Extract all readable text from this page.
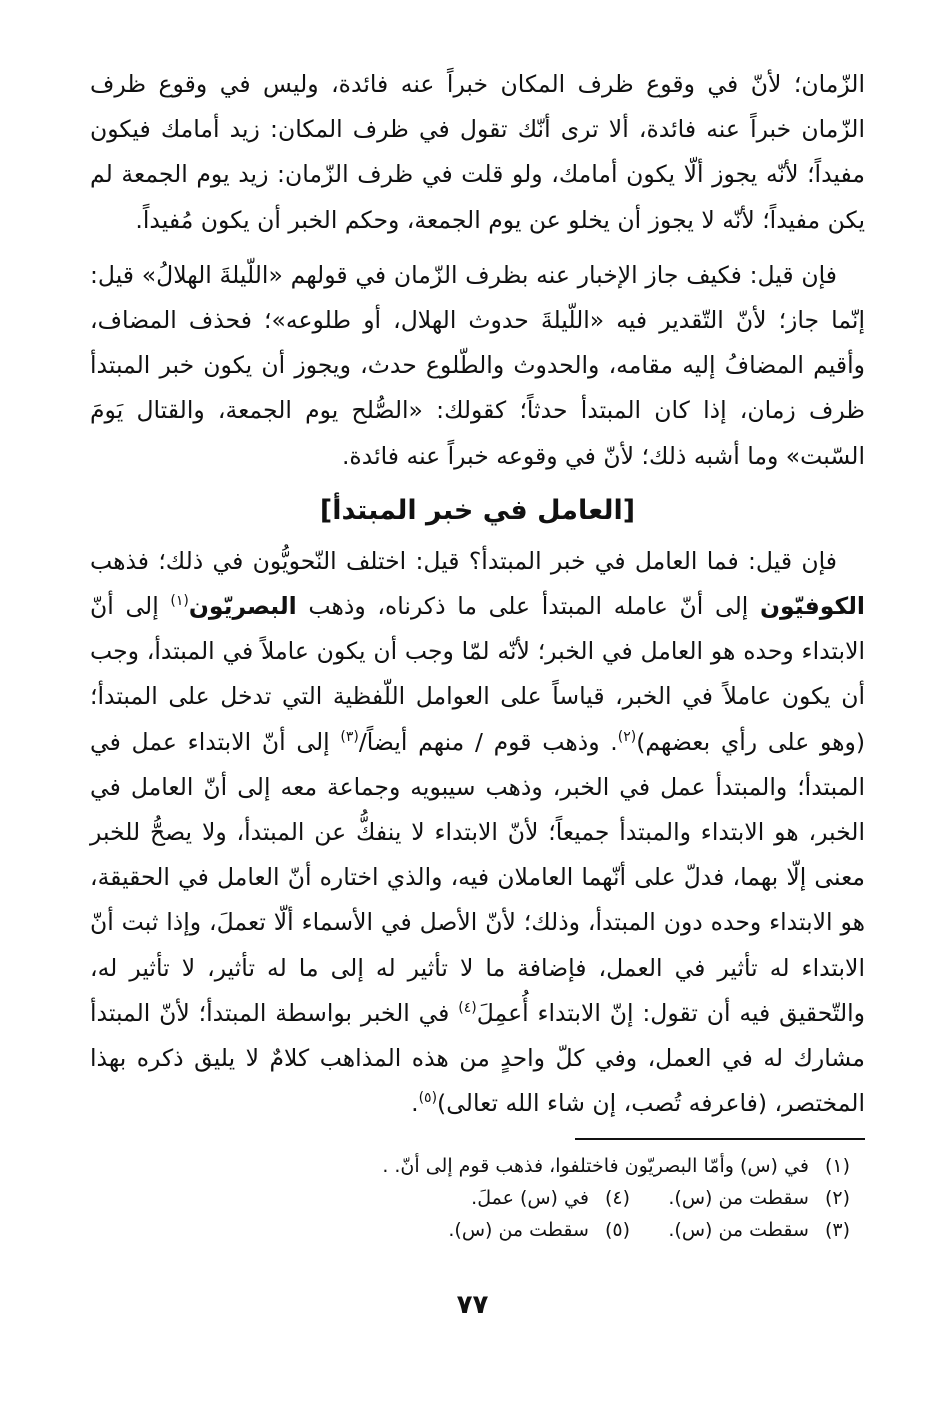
الزّمان؛ لأنّ في وقوع ظرف المكان خبراً عنه فائدة، وليس في وقوع ظرف الزّمان خبراً عنه فائدة، ألا ترى أنّك تقول في ظرف المكان: زيد أمامك فيكون مفيداً؛ لأنّه يجوز ألّا يكون أمامك، ولو قلت في ظرف الزّمان: زيد يوم الجمعة لم يكن مفيداً؛ لأنّه لا يجوز أن يخلو عن يوم الجمعة، وحكم الخبر أن يكون مُفيداً.

فإن قيل: فكيف جاز الإخبار عنه بظرف الزّمان في قولهم «اللّيلةَ الهلالُ» قيل: إنّما جاز؛ لأنّ التّقدير فيه «اللّيلةَ حدوث الهلال، أو طلوعه»؛ فحذف المضاف، وأقيم المضافُ إليه مقامه، والحدوث والطّلوع حدث، ويجوز أن يكون خبر المبتدأ ظرف زمان، إذا كان المبتدأ حدثاً؛ كقولك: «الصُّلح يوم الجمعة، والقتال يَومَ السّبت» وما أشبه ذلك؛ لأنّ في وقوعه خبراً عنه فائدة.

[العامل في خبر المبتدأ]

فإن قيل: فما العامل في خبر المبتدأ؟ قيل: اختلف النّحويُّون في ذلك؛ فذهب الكوفيّون إلى أنّ عامله المبتدأ على ما ذكرناه، وذهب البصريّون$^{(١)}$ إلى أنّ الابتداء وحده هو العامل في الخبر؛ لأنّه لمّا وجب أن يكون عاملاً في المبتدأ، وجب أن يكون عاملاً في الخبر، قياساً على العوامل اللّفظية التي تدخل على المبتدأ؛ (وهو على رأي بعضهم)$^{(٢)}$. وذهب قوم / منهم أيضاً/$^{(٣)}$ إلى أنّ الابتداء عمل في المبتدأ؛ والمبتدأ عمل في الخبر، وذهب سيبويه وجماعة معه إلى أنّ العامل في الخبر، هو الابتداء والمبتدأ جميعاً؛ لأنّ الابتداء لا ينفكُّ عن المبتدأ، ولا يصحُّ للخبر معنى إلّا بهما، فدلّ على أنّهما العاملان فيه، والذي اختاره أنّ العامل في الحقيقة، هو الابتداء وحده دون المبتدأ، وذلك؛ لأنّ الأصل في الأسماء ألّا تعملَ، وإذا ثبت أنّ الابتداء له تأثير في العمل، فإضافة ما لا تأثير له إلى ما له تأثير، لا تأثير له، والتّحقيق فيه أن تقول: إنّ الابتداء أُعمِلَ$^{(٤)}$ في الخبر بواسطة المبتدأ؛ لأنّ المبتدأ مشارك له في العمل، وفي كلّ واحدٍ من هذه المذاهب كلامٌ لا يليق ذكره بهذا المختصر، (فاعرفه تُصب، إن شاء الله تعالى)$^{(٥)}$.

(١)في (س) وأمّا البصريّون فاختلفوا، فذهب قوم إلى أنّ. .
(٢)سقطت من (س).
(٤)في (س) عملَ.
(٣)سقطت من (س).
(٥)سقطت من (س).
٧٧
